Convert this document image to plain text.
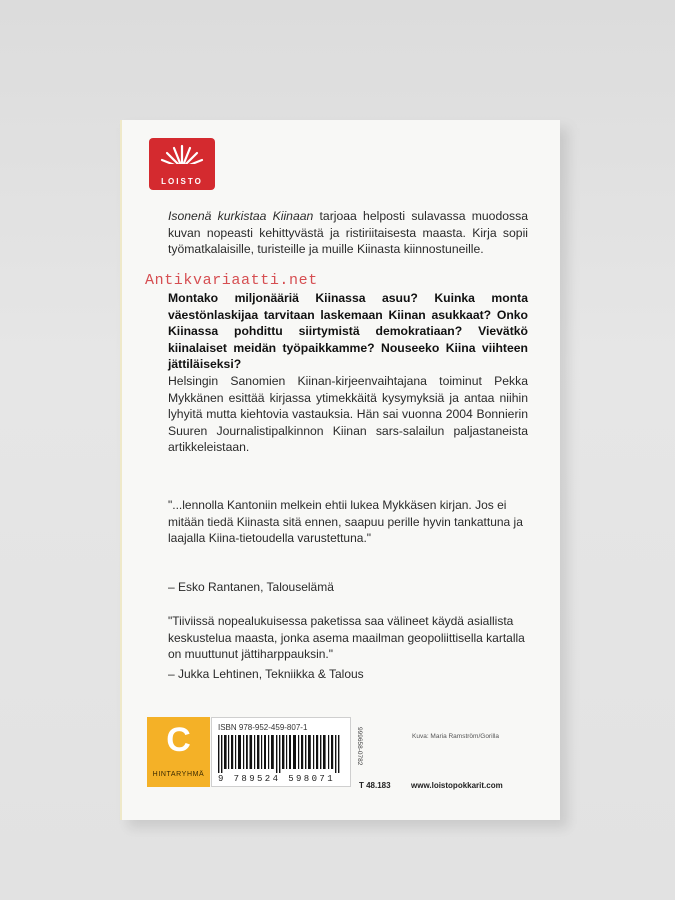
LOISTO

Isonenä kurkistaa Kiinaan tarjoaa helposti sulavassa muodossa kuvan nopeasti kehittyvästä ja ristiriitaisesta maasta. Kirja sopii työmatkalaisille, turisteille ja muille Kiinasta kiinnostuneille.

Montako miljonääriä Kiinassa asuu? Kuinka monta väestönlaskijaa tarvitaan laskemaan Kiinan asukkaat? Onko Kiinassa pohdittu siirtymistä demokratiaan? Vievätkö kiinalaiset meidän työpaikkamme? Nouseeko Kiina viihteen jättiläiseksi?

Helsingin Sanomien Kiinan-kirjeenvaihtajana toiminut Pekka Mykkänen esittää kirjassa ytimekkäitä kysymyksiä ja antaa niihin lyhyitä mutta kiehtovia vastauksia. Hän sai vuonna 2004 Bonnierin Suuren Journalistipalkinnon Kiinan sars-salailun paljastaneista artikkeleistaan.

"...lennolla Kantoniin melkein ehtii lukea Mykkäsen kirjan. Jos ei mitään tiedä Kiinasta sitä ennen, saapuu perille hyvin tankattuna ja laajalla Kiina-tietoudella varustettuna."
– Esko Rantanen, Talouselämä
"Tiiviissä nopealukuisessa paketissa saa välineet käydä asiallista keskustelua maasta, jonka asema maailman geopoliittisella kartalla on muuttunut jättiharppauksin."
– Jukka Lehtinen, Tekniikka & Talous
C
HINTARYHMÄ
ISBN 978-952-459-807-1
9 789524 598071
999658-0782	Kuva: Maria Ramström/Gorilla
T 48.183	www.loistopokkarit.com
Antikvariaatti.net
